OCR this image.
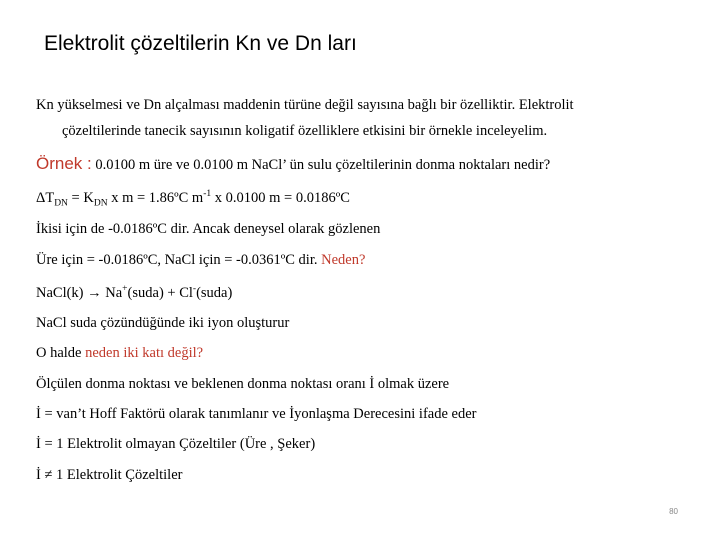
Elektrolit çözeltilerin Kn ve Dn ları
Kn yükselmesi ve Dn alçalması maddenin türüne değil sayısına bağlı bir özelliktir. Elektrolit
çözeltilerinde tanecik sayısının koligatif özelliklere etkisini bir örnekle inceleyelim.
Örnek : 0.0100 m üre ve 0.0100 m NaCl’ ün sulu çözeltilerinin donma noktaları nedir?
$\Delta T_{DN} = K_{DN}$ x m = 1.86ºC $m^{-1}$ x 0.0100 m = 0.0186ºC
İkisi için de -0.0186ºC dir. Ancak deneysel olarak gözlenen
Üre için = -0.0186ºC, NaCl için = -0.0361ºC dir. Neden?
NaCl(k) → Na+(suda) + Cl-(suda)
NaCl suda çözündüğünde iki iyon oluşturur
O halde neden iki katı değil?
Ölçülen donma noktası ve beklenen donma noktası oranı İ olmak üzere
İ = van’t Hoff Faktörü olarak tanımlanır ve İyonlaşma Derecesini ifade eder
İ = 1 Elektrolit olmayan Çözeltiler (Üre , Şeker)
İ ≠ 1 Elektrolit Çözeltiler
80
